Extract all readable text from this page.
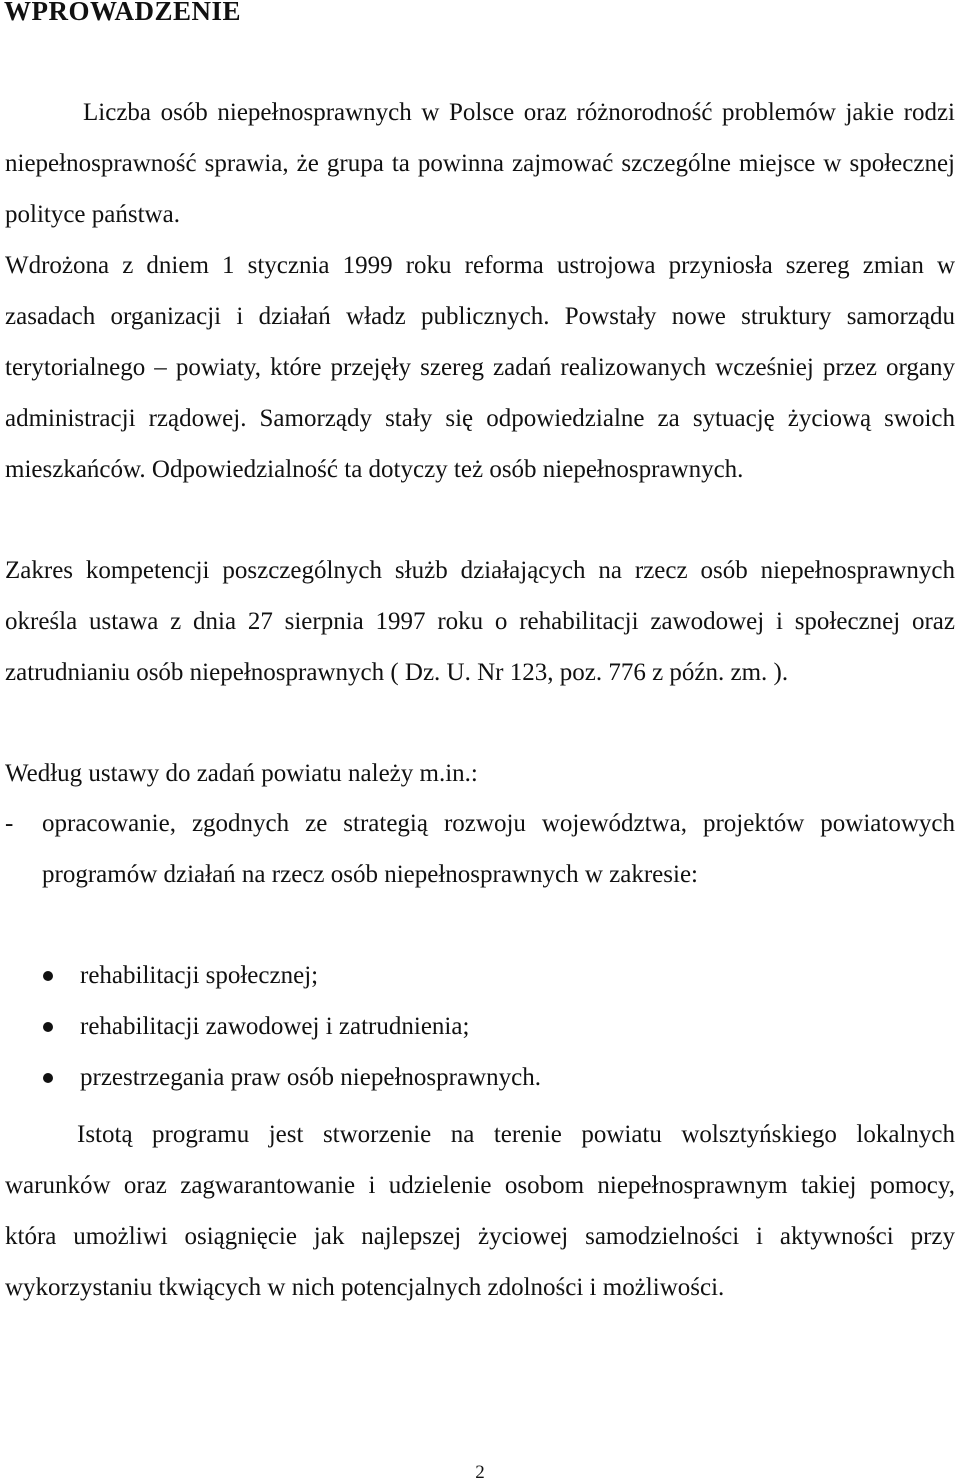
WPROWADZENIE

Liczba osób niepełnosprawnych w Polsce oraz różnorodność problemów jakie rodzi niepełnosprawność sprawia, że grupa ta powinna zajmować szczególne miejsce w społecznej polityce państwa.

Wdrożona z dniem 1 stycznia 1999 roku reforma ustrojowa przyniosła szereg zmian w zasadach organizacji i działań władz publicznych. Powstały nowe struktury samorządu terytorialnego – powiaty, które przejęły szereg zadań realizowanych wcześniej przez organy administracji rządowej. Samorządy stały się odpowiedzialne za sytuację życiową swoich mieszkańców. Odpowiedzialność ta dotyczy też osób niepełnosprawnych.

Zakres kompetencji poszczególnych służb działających na rzecz osób niepełnosprawnych określa ustawa z dnia 27 sierpnia 1997 roku o rehabilitacji zawodowej i społecznej oraz zatrudnianiu osób niepełnosprawnych ( Dz. U. Nr 123, poz. 776 z późn. zm. ).

Według ustawy do zadań powiatu należy m.in.:

- opracowanie, zgodnych ze strategią rozwoju województwa, projektów powiatowych programów działań na rzecz osób niepełnosprawnych w zakresie:
rehabilitacji społecznej;
rehabilitacji zawodowej i zatrudnienia;
przestrzegania praw osób niepełnosprawnych.

Istotą programu jest stworzenie na terenie powiatu wolsztyńskiego lokalnych warunków oraz zagwarantowanie i udzielenie osobom niepełnosprawnym takiej pomocy, która umożliwi osiągnięcie jak najlepszej życiowej samodzielności i aktywności przy wykorzystaniu tkwiących w nich potencjalnych zdolności i możliwości.

2
